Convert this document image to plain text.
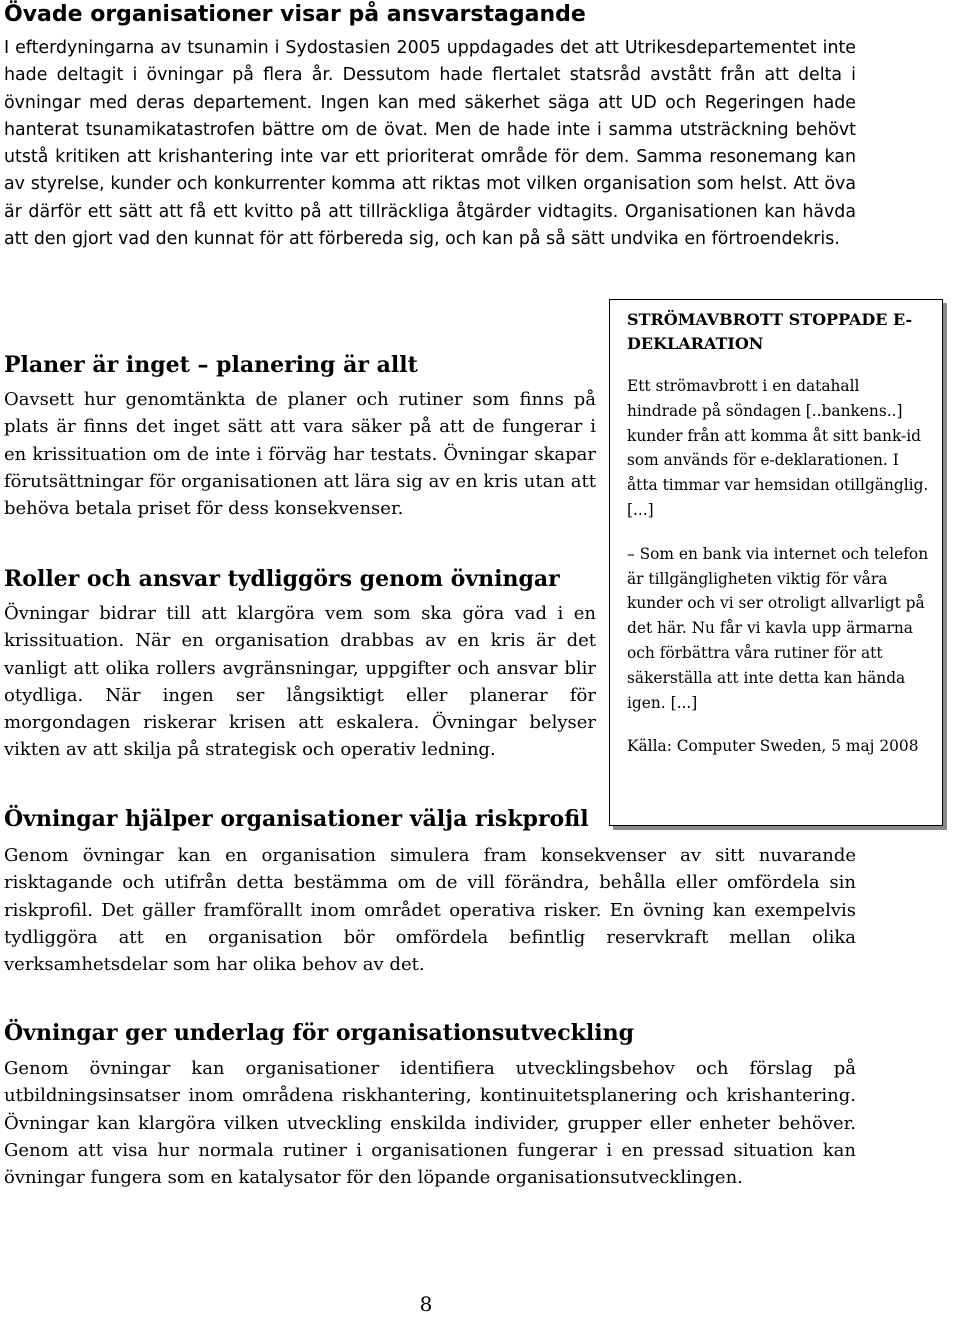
Övade organisationer visar på ansvarstagande

I efterdyningarna av tsunamin i Sydostasien 2005 uppdagades det att Utrikesdepartementet inte hade deltagit i övningar på flera år. Dessutom hade flertalet statsråd avstått från att delta i övningar med deras departement. Ingen kan med säkerhet säga att UD och Regeringen hade hanterat tsunamikatastrofen bättre om de övat. Men de hade inte i samma utsträckning behövt utstå kritiken att krishantering inte var ett prioriterat område för dem. Samma resonemang kan av styrelse, kunder och konkurrenter komma att riktas mot vilken organisation som helst. Att öva är därför ett sätt att få ett kvitto på att tillräckliga åtgärder vidtagits. Organisationen kan hävda att den gjort vad den kunnat för att förbereda sig, och kan på så sätt undvika en förtroendekris.

Planer är inget – planering är allt

Oavsett hur genomtänkta de planer och rutiner som finns på plats är finns det inget sätt att vara säker på att de fungerar i en krissituation om de inte i förväg har testats. Övningar skapar förutsättningar för organisationen att lära sig av en kris utan att behöva betala priset för dess konsekvenser.

Roller och ansvar tydliggörs genom övningar

Övningar bidrar till att klargöra vem som ska göra vad i en krissituation. När en organisation drabbas av en kris är det vanligt att olika rollers avgränsningar, uppgifter och ansvar blir otydliga. När ingen ser långsiktigt eller planerar för morgondagen riskerar krisen att eskalera. Övningar belyser vikten av att skilja på strategisk och operativ ledning.

Övningar hjälper organisationer välja riskprofil

Genom övningar kan en organisation simulera fram konsekvenser av sitt nuvarande risktagande och utifrån detta bestämma om de vill förändra, behålla eller omfördela sin riskprofil. Det gäller framförallt inom området operativa risker. En övning kan exempelvis tydliggöra att en organisation bör omfördela befintlig reservkraft mellan olika verksamhetsdelar som har olika behov av det.

Övningar ger underlag för organisationsutveckling

Genom övningar kan organisationer identifiera utvecklingsbehov och förslag på utbildningsinsatser inom områdena riskhantering, kontinuitetsplanering och krishantering. Övningar kan klargöra vilken utveckling enskilda individer, grupper eller enheter behöver. Genom att visa hur normala rutiner i organisationen fungerar i en pressad situation kan övningar fungera som en katalysator för den löpande organisationsutvecklingen.

STRÖMAVBROTT STOPPADE E-DEKLARATION

Ett strömavbrott i en datahall hindrade på söndagen [..bankens..] kunder från att komma åt sitt bank-id som används för e-deklarationen. I åtta timmar var hemsidan otillgänglig. [...]

– Som en bank via internet och telefon är tillgängligheten viktig för våra kunder och vi ser otroligt allvarligt på det här. Nu får vi kavla upp ärmarna och förbättra våra rutiner för att säkerställa att inte detta kan hända igen. [...]

Källa: Computer Sweden, 5 maj 2008

8
